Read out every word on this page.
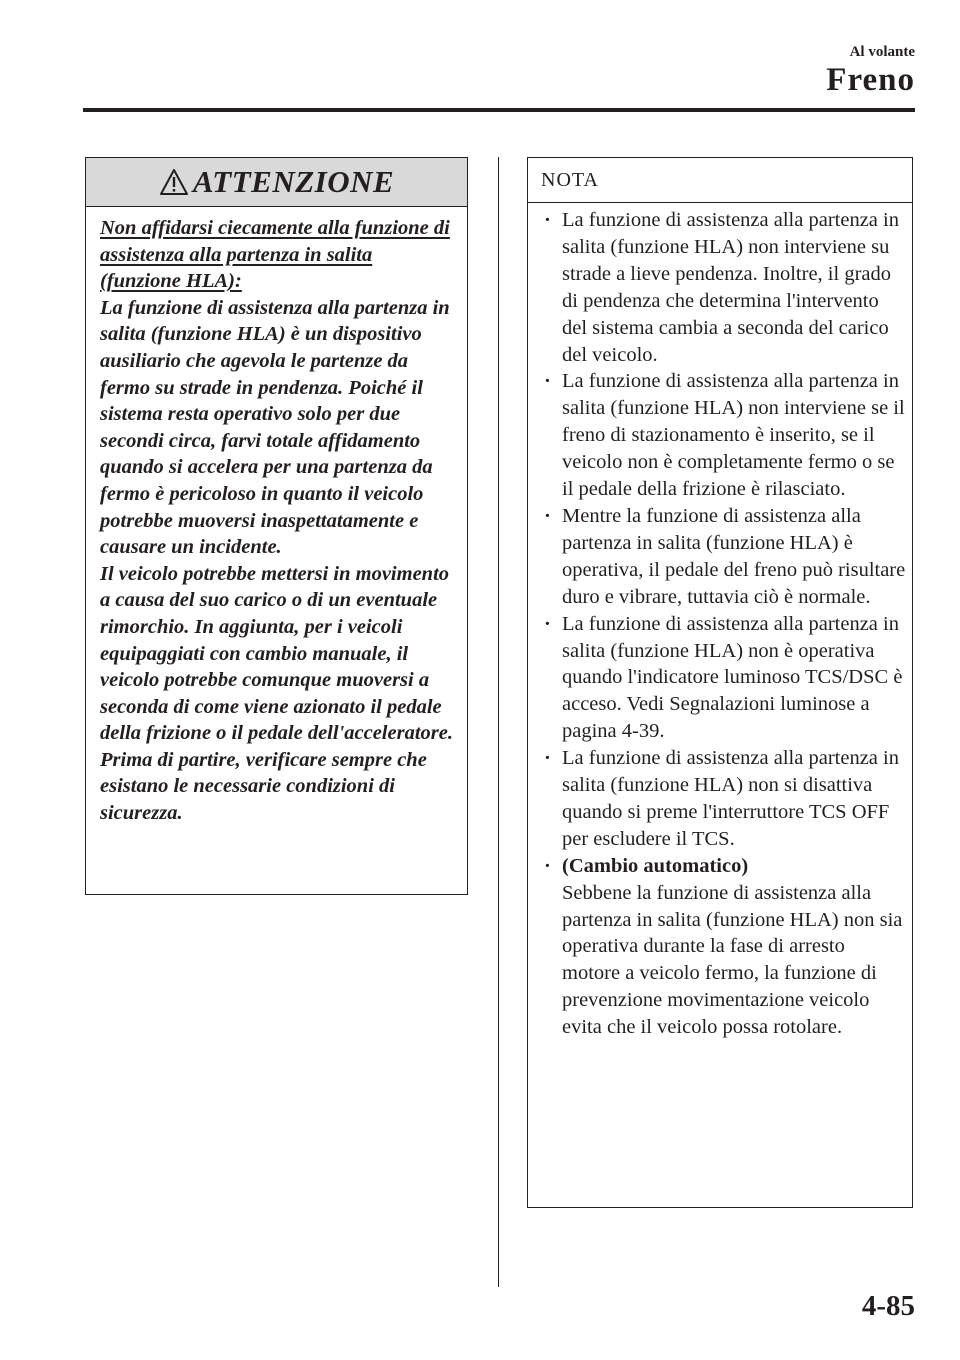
Al volante
Freno
ATTENZIONE

Non affidarsi ciecamente alla funzione di assistenza alla partenza in salita (funzione HLA):

La funzione di assistenza alla partenza in salita (funzione HLA) è un dispositivo ausiliario che agevola le partenze da fermo su strade in pendenza. Poiché il sistema resta operativo solo per due secondi circa, farvi totale affidamento quando si accelera per una partenza da fermo è pericoloso in quanto il veicolo potrebbe muoversi inaspettatamente e causare un incidente.

Il veicolo potrebbe mettersi in movimento a causa del suo carico o di un eventuale rimorchio. In aggiunta, per i veicoli equipaggiati con cambio manuale, il veicolo potrebbe comunque muoversi a seconda di come viene azionato il pedale della frizione o il pedale dell'acceleratore. Prima di partire, verificare sempre che esistano le necessarie condizioni di sicurezza.

NOTA
· La funzione di assistenza alla partenza in salita (funzione HLA) non interviene su strade a lieve pendenza. Inoltre, il grado di pendenza che determina l'intervento del sistema cambia a seconda del carico del veicolo.
· La funzione di assistenza alla partenza in salita (funzione HLA) non interviene se il freno di stazionamento è inserito, se il veicolo non è completamente fermo o se il pedale della frizione è rilasciato.
· Mentre la funzione di assistenza alla partenza in salita (funzione HLA) è operativa, il pedale del freno può risultare duro e vibrare, tuttavia ciò è normale.
· La funzione di assistenza alla partenza in salita (funzione HLA) non è operativa quando l'indicatore luminoso TCS/DSC è acceso. Vedi Segnalazioni luminose a pagina 4-39.
· La funzione di assistenza alla partenza in salita (funzione HLA) non si disattiva quando si preme l'interruttore TCS OFF per escludere il TCS.
· (Cambio automatico)
Sebbene la funzione di assistenza alla partenza in salita (funzione HLA) non sia operativa durante la fase di arresto motore a veicolo fermo, la funzione di prevenzione movimentazione veicolo evita che il veicolo possa rotolare.
4-85
